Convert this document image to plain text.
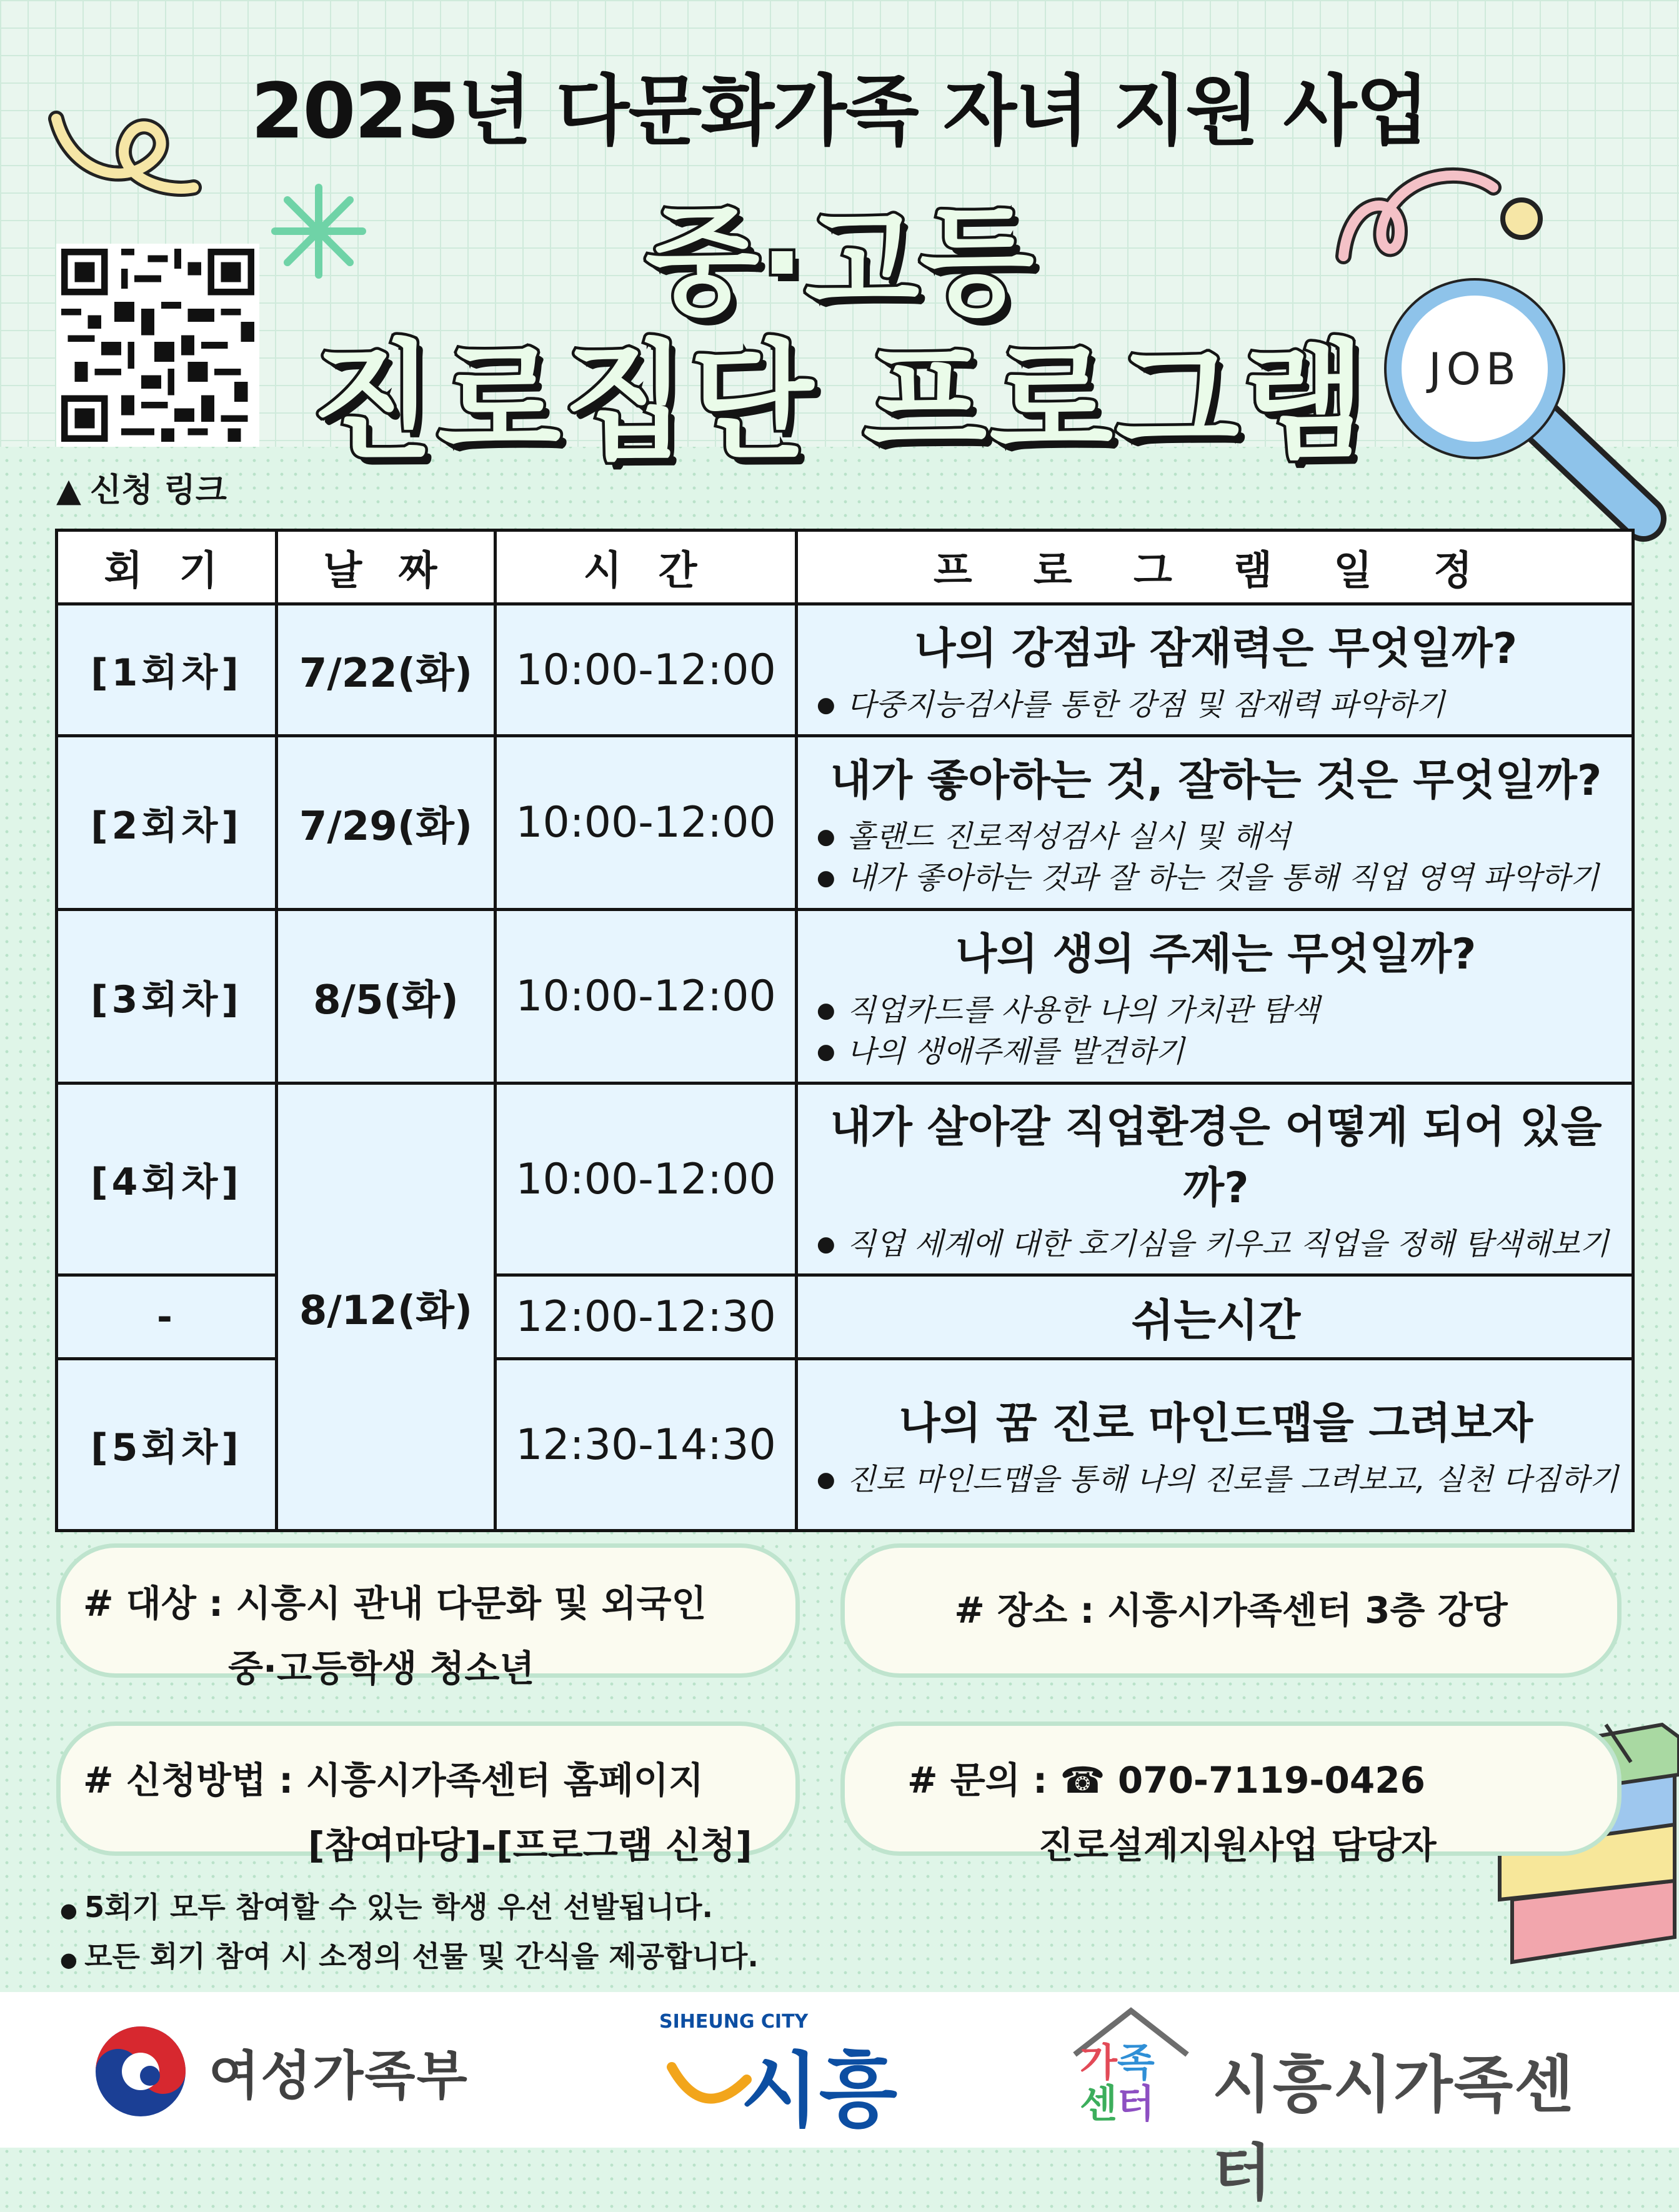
JOB
2025년 다문화가족 자녀 지원 사업
중·고등
진로집단 프로그램
▲ 신청 링크
회 기	날 짜	시 간	프 로 그 램 일 정
[1회차]	7/22(화)	10:00-12:00	나의 강점과 잠재력은 무엇일까?
● 다중지능검사를 통한 강점 및 잠재력 파악하기

[2회차]	7/29(화)	10:00-12:00	내가 좋아하는 것, 잘하는 것은 무엇일까?
● 홀랜드 진로적성검사 실시 및 해석
● 내가 좋아하는 것과 잘 하는 것을 통해 직업 영역 파악하기

[3회차]	8/5(화)	10:00-12:00	나의 생의 주제는 무엇일까?
● 직업카드를 사용한 나의 가치관 탐색
● 나의 생애주제를 발견하기

[4회차]	8/12(화)	10:00-12:00	내가 살아갈 직업환경은 어떻게 되어 있을까?
● 직업 세계에 대한 호기심을 키우고 직업을 정해 탐색해보기

-		12:00-12:30	쉬는시간

[5회차]		12:30-14:30	나의 꿈 진로 마인드맵을 그려보자
● 진로 마인드맵을 통해 나의 진로를 그려보고, 실천 다짐하기
# 대상 : 시흥시 관내 다문화 및 외국인
중·고등학생 청소년
# 장소 : 시흥시가족센터 3층 강당
# 신청방법 : 시흥시가족센터 홈페이지
[참여마당]-[프로그램 신청]
# 문의 : ☎ 070-7119-0426
진로설계지원사업 담당자
● 5회기 모두 참여할 수 있는 학생 우선 선발됩니다.
● 모든 회기 참여 시 소정의 선물 및 간식을 제공합니다.
여성가족부
SIHEUNG CITY
시흥	가족
센터 시흥시가족센터
